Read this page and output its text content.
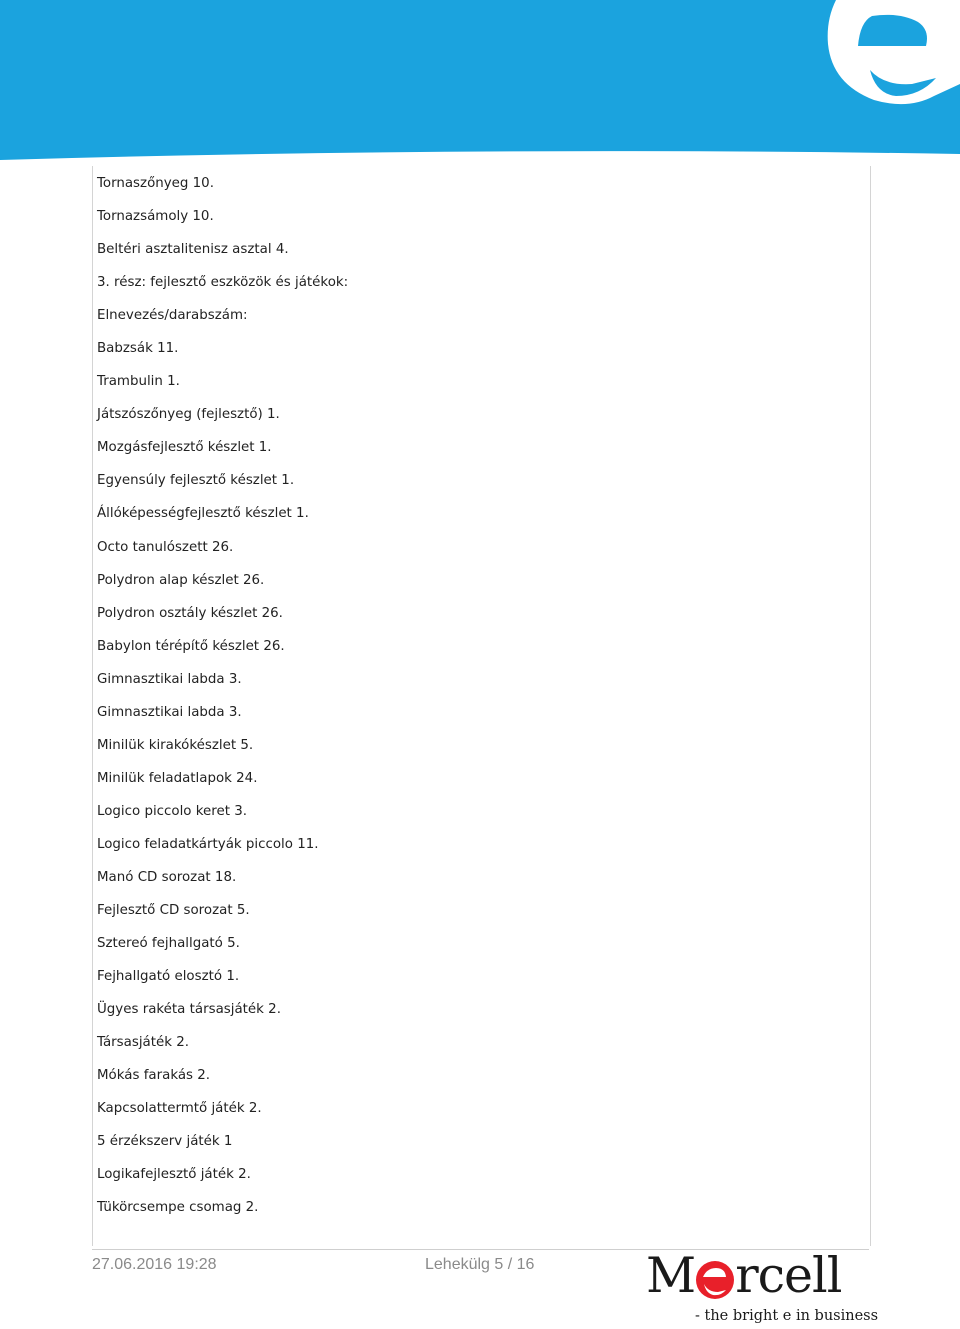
Tornaszőnyeg 10.
Tornazsámoly 10.
Beltéri asztalitenisz asztal 4.
3. rész: fejlesztő eszközök és játékok:
Elnevezés/darabszám:
Babzsák 11.
Trambulin 1.
Játszószőnyeg (fejlesztő) 1.
Mozgásfejlesztő készlet 1.
Egyensúly fejlesztő készlet 1.
Állóképességfejlesztő készlet 1.
Octo tanulószett 26.
Polydron alap készlet 26.
Polydron osztály készlet 26.
Babylon térépítő készlet 26.
Gimnasztikai labda 3.
Gimnasztikai labda 3.
Minilük kirakókészlet 5.
Minilük feladatlapok 24.
Logico piccolo keret 3.
Logico feladatkártyák piccolo 11.
Manó CD sorozat 18.
Fejlesztő CD sorozat 5.
Sztereó fejhallgató 5.
Fejhallgató elosztó 1.
Ügyes rakéta társasjáték 2.
Társasjáték 2.
Mókás farakás 2.
Kapcsolattermtő játék 2.
5 érzékszerv játék 1
Logikafejlesztő játék 2.
Tükörcsempe csomag 2.
27.06.2016 19:28	Lehekülg 5 / 16 M rcell
- the bright e in business
